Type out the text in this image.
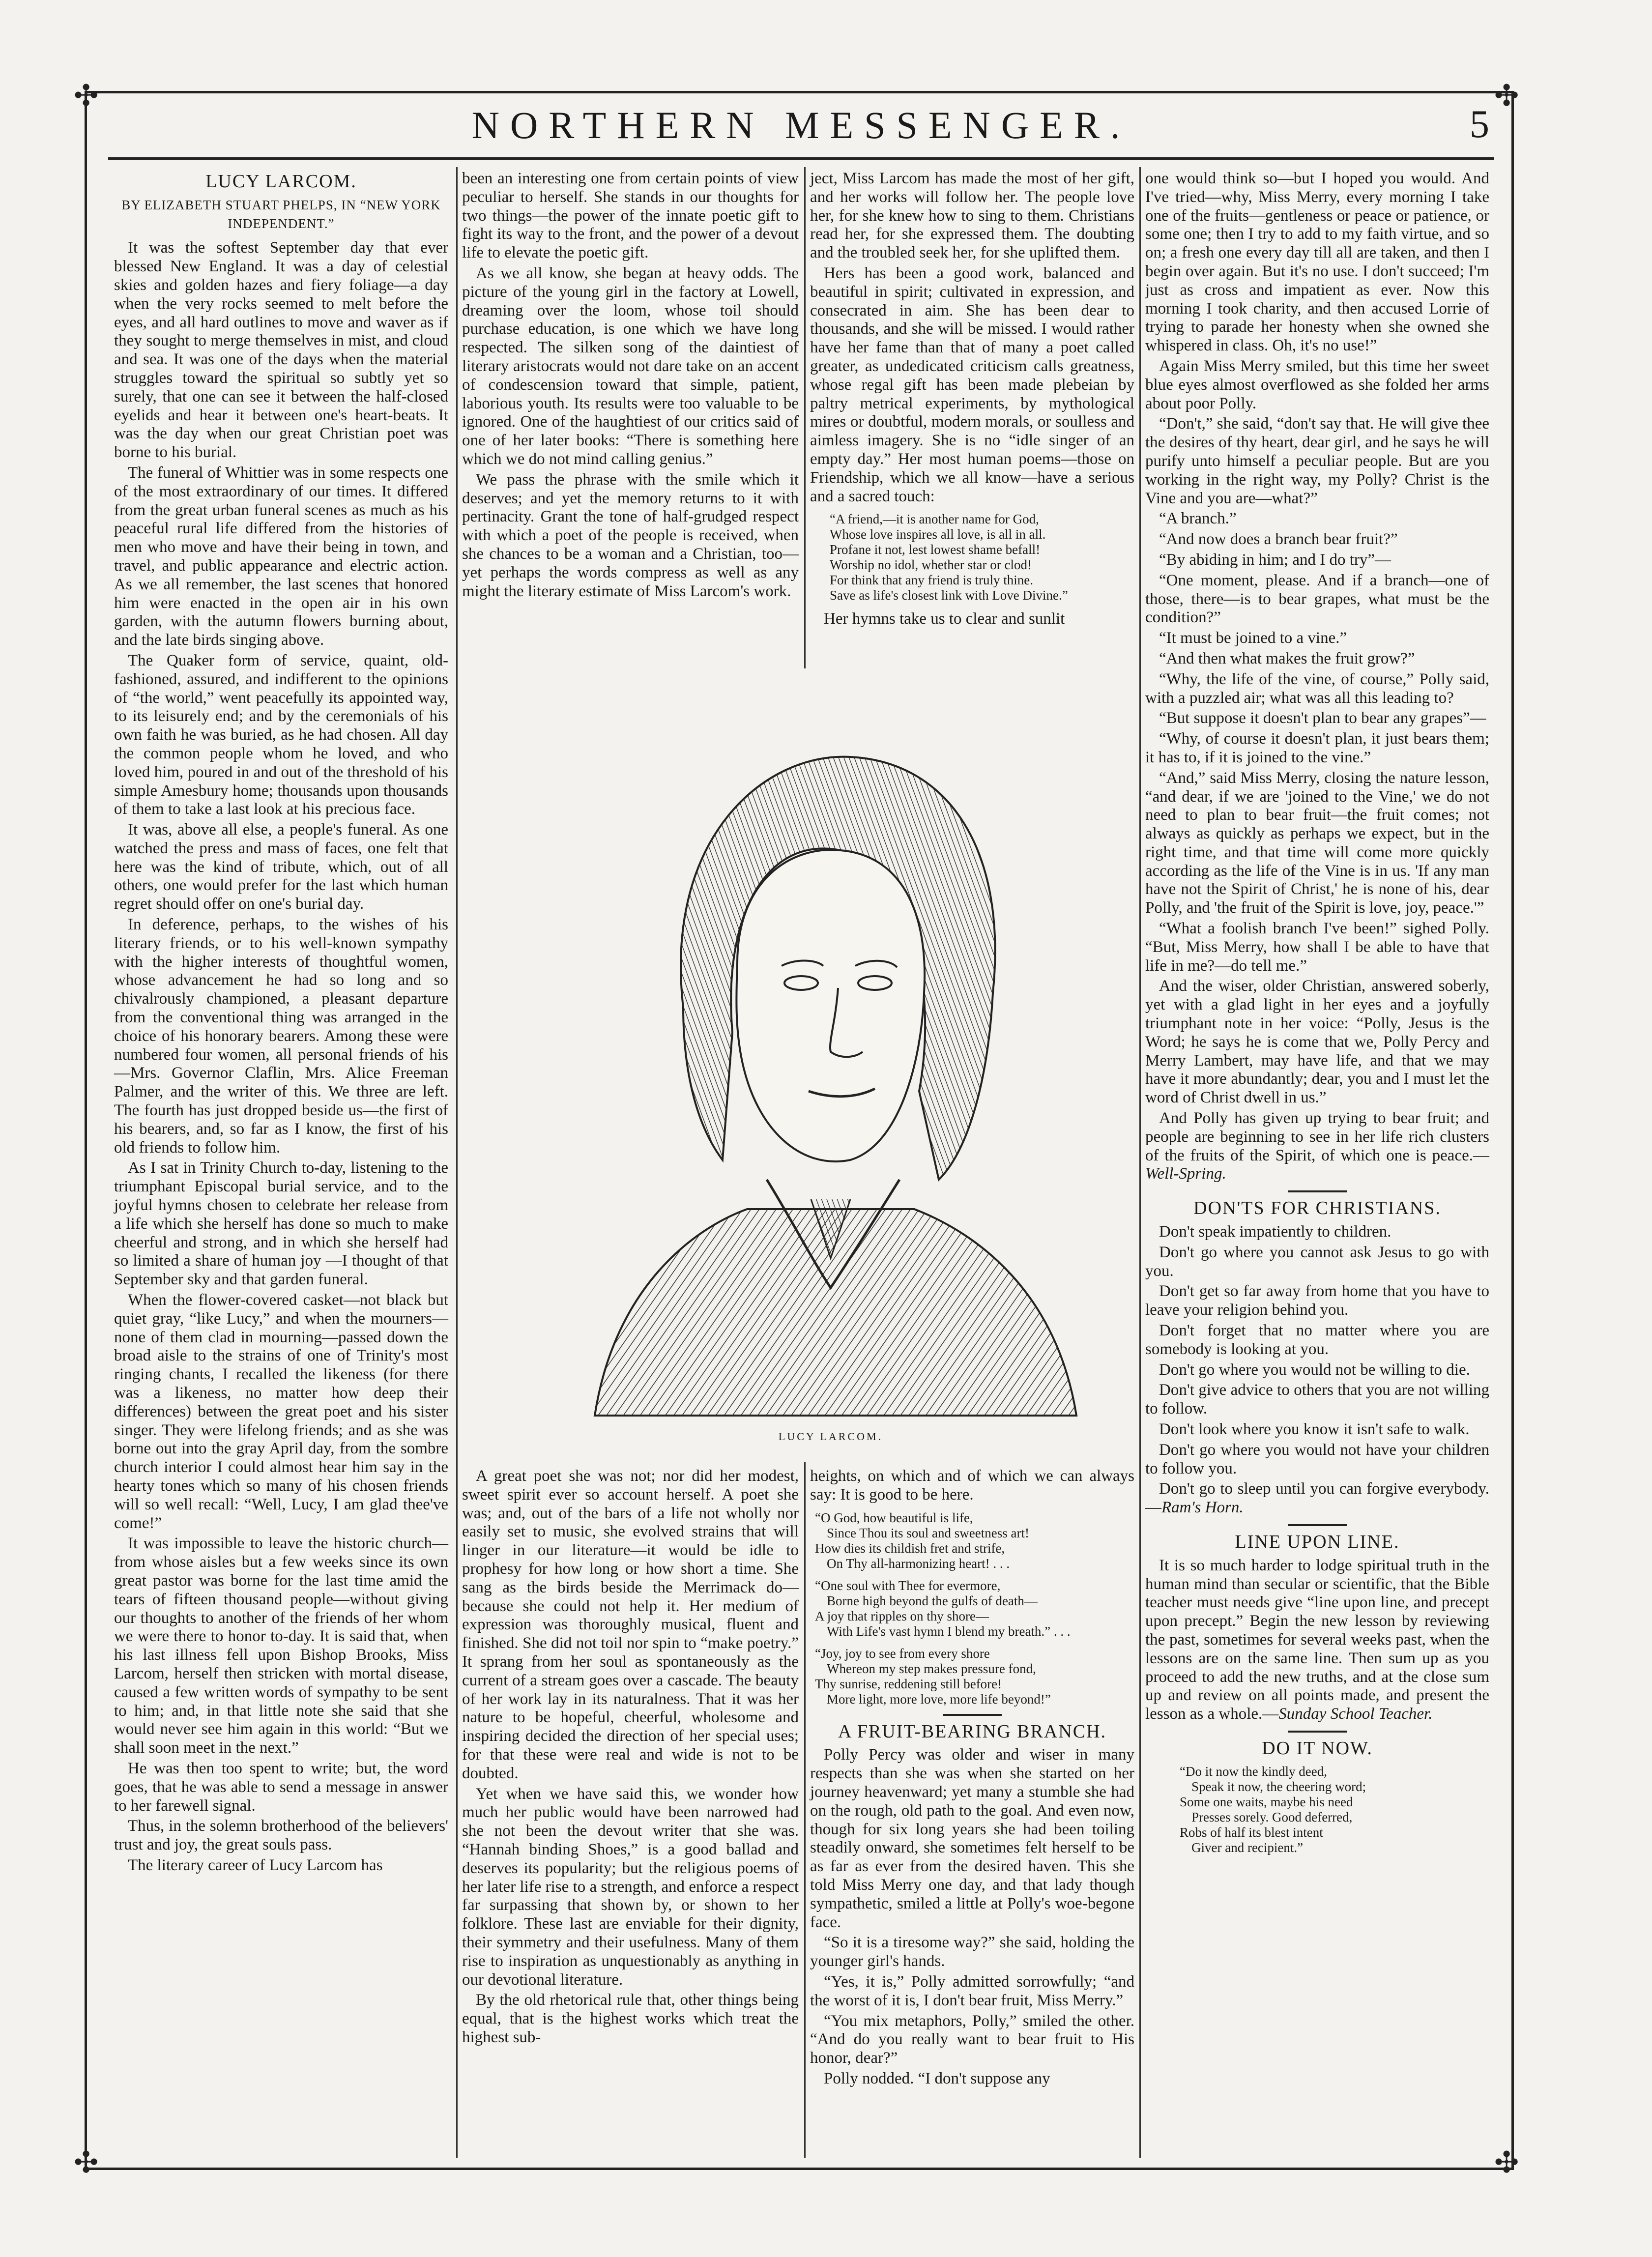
✣	✣
✣	✣
NORTHERN MESSENGER.	5
LUCY LARCOM.
BY ELIZABETH STUART PHELPS, IN “NEW YORK INDEPENDENT.”

It was the softest September day that ever blessed New England. It was a day of celestial skies and golden hazes and fiery foliage—a day when the very rocks seemed to melt before the eyes, and all hard outlines to move and waver as if they sought to merge themselves in mist, and cloud and sea. It was one of the days when the material struggles toward the spiritual so subtly yet so surely, that one can see it between the half-closed eyelids and hear it between one's heart-beats. It was the day when our great Christian poet was borne to his burial.

The funeral of Whittier was in some respects one of the most extraordinary of our times. It differed from the great urban funeral scenes as much as his peaceful rural life differed from the histories of men who move and have their being in town, and travel, and public appearance and electric action. As we all remember, the last scenes that honored him were enacted in the open air in his own garden, with the autumn flowers burning about, and the late birds singing above.

The Quaker form of service, quaint, old-fashioned, assured, and indifferent to the opinions of “the world,” went peacefully its appointed way, to its leisurely end; and by the ceremonials of his own faith he was buried, as he had chosen. All day the common people whom he loved, and who loved him, poured in and out of the threshold of his simple Amesbury home; thousands upon thousands of them to take a last look at his precious face.

It was, above all else, a people's funeral. As one watched the press and mass of faces, one felt that here was the kind of tribute, which, out of all others, one would prefer for the last which human regret should offer on one's burial day.

In deference, perhaps, to the wishes of his literary friends, or to his well-known sympathy with the higher interests of thoughtful women, whose advancement he had so long and so chivalrously championed, a pleasant departure from the conventional thing was arranged in the choice of his honorary bearers. Among these were numbered four women, all personal friends of his—Mrs. Governor Claflin, Mrs. Alice Freeman Palmer, and the writer of this. We three are left. The fourth has just dropped beside us—the first of his bearers, and, so far as I know, the first of his old friends to follow him.

As I sat in Trinity Church to-day, listening to the triumphant Episcopal burial service, and to the joyful hymns chosen to celebrate her release from a life which she herself has done so much to make cheerful and strong, and in which she herself had so limited a share of human joy —I thought of that September sky and that garden funeral.

When the flower-covered casket—not black but quiet gray, “like Lucy,” and when the mourners—none of them clad in mourning—passed down the broad aisle to the strains of one of Trinity's most ringing chants, I recalled the likeness (for there was a likeness, no matter how deep their differences) between the great poet and his sister singer. They were lifelong friends; and as she was borne out into the gray April day, from the sombre church interior I could almost hear him say in the hearty tones which so many of his chosen friends will so well recall: “Well, Lucy, I am glad thee've come!”

It was impossible to leave the historic church—from whose aisles but a few weeks since its own great pastor was borne for the last time amid the tears of fifteen thousand people—without giving our thoughts to another of the friends of her whom we were there to honor to-day. It is said that, when his last illness fell upon Bishop Brooks, Miss Larcom, herself then stricken with mortal disease, caused a few written words of sympathy to be sent to him; and, in that little note she said that she would never see him again in this world: “But we shall soon meet in the next.”

He was then too spent to write; but, the word goes, that he was able to send a message in answer to her farewell signal.

Thus, in the solemn brotherhood of the believers' trust and joy, the great souls pass.

The literary career of Lucy Larcom has

been an interesting one from certain points of view peculiar to herself. She stands in our thoughts for two things—the power of the innate poetic gift to fight its way to the front, and the power of a devout life to elevate the poetic gift.

As we all know, she began at heavy odds. The picture of the young girl in the factory at Lowell, dreaming over the loom, whose toil should purchase education, is one which we have long respected. The silken song of the daintiest of literary aristocrats would not dare take on an accent of condescension toward that simple, patient, laborious youth. Its results were too valuable to be ignored. One of the haughtiest of our critics said of one of her later books: “There is something here which we do not mind calling genius.”

We pass the phrase with the smile which it deserves; and yet the memory returns to it with pertinacity. Grant the tone of half-grudged respect with which a poet of the people is received, when she chances to be a woman and a Christian, too—yet perhaps the words compress as well as any might the literary estimate of Miss Larcom's work.

ject, Miss Larcom has made the most of her gift, and her works will follow her. The people love her, for she knew how to sing to them. Christians read her, for she expressed them. The doubting and the troubled seek her, for she uplifted them.

Hers has been a good work, balanced and beautiful in spirit; cultivated in expression, and consecrated in aim. She has been dear to thousands, and she will be missed. I would rather have her fame than that of many a poet called greater, as undedicated criticism calls greatness, whose regal gift has been made plebeian by paltry metrical experiments, by mythological mires or doubtful, modern morals, or soulless and aimless imagery. She is no “idle singer of an empty day.” Her most human poems—those on Friendship, which we all know—have a serious and a sacred touch:

“A friend,—it is another name for God,
Whose love inspires all love, is all in all.
Profane it not, lest lowest shame befall!
Worship no idol, whether star or clod!
For think that any friend is truly thine.
Save as life's closest link with Love Divine.”

Her hymns take us to clear and sunlit

LUCY LARCOM.

A great poet she was not; nor did her modest, sweet spirit ever so account herself. A poet she was; and, out of the bars of a life not wholly nor easily set to music, she evolved strains that will linger in our literature—it would be idle to prophesy for how long or how short a time. She sang as the birds beside the Merrimack do—because she could not help it. Her medium of expression was thoroughly musical, fluent and finished. She did not toil nor spin to “make poetry.” It sprang from her soul as spontaneously as the current of a stream goes over a cascade. The beauty of her work lay in its naturalness. That it was her nature to be hopeful, cheerful, wholesome and inspiring decided the direction of her special uses; for that these were real and wide is not to be doubted.

Yet when we have said this, we wonder how much her public would have been narrowed had she not been the devout writer that she was. “Hannah binding Shoes,” is a good ballad and deserves its popularity; but the religious poems of her later life rise to a strength, and enforce a respect far surpassing that shown by, or shown to her folklore. These last are enviable for their dignity, their symmetry and their usefulness. Many of them rise to inspiration as unquestionably as anything in our devotional literature.

By the old rhetorical rule that, other things being equal, that is the highest works which treat the highest sub-

heights, on which and of which we can always say: It is good to be here.

“O God, how beautiful is life,
Since Thou its soul and sweetness art!
How dies its childish fret and strife,
On Thy all-harmonizing heart! . . .
“One soul with Thee for evermore,
Borne high beyond the gulfs of death—
A joy that ripples on thy shore—
With Life's vast hymn I blend my breath.” . . .
“Joy, joy to see from every shore
Whereon my step makes pressure fond,
Thy sunrise, reddening still before!
More light, more love, more life beyond!”
A FRUIT-BEARING BRANCH.

Polly Percy was older and wiser in many respects than she was when she started on her journey heavenward; yet many a stumble she had on the rough, old path to the goal. And even now, though for six long years she had been toiling steadily onward, she sometimes felt herself to be as far as ever from the desired haven. This she told Miss Merry one day, and that lady though sympathetic, smiled a little at Polly's woe-begone face.

“So it is a tiresome way?” she said, holding the younger girl's hands.

“Yes, it is,” Polly admitted sorrowfully; “and the worst of it is, I don't bear fruit, Miss Merry.”

“You mix metaphors, Polly,” smiled the other. “And do you really want to bear fruit to His honor, dear?”

Polly nodded. “I don't suppose any

one would think so—but I hoped you would. And I've tried—why, Miss Merry, every morning I take one of the fruits—gentleness or peace or patience, or some one; then I try to add to my faith virtue, and so on; a fresh one every day till all are taken, and then I begin over again. But it's no use. I don't succeed; I'm just as cross and impatient as ever. Now this morning I took charity, and then accused Lorrie of trying to parade her honesty when she owned she whispered in class. Oh, it's no use!”

Again Miss Merry smiled, but this time her sweet blue eyes almost overflowed as she folded her arms about poor Polly.

“Don't,” she said, “don't say that. He will give thee the desires of thy heart, dear girl, and he says he will purify unto himself a peculiar people. But are you working in the right way, my Polly? Christ is the Vine and you are—what?”

“A branch.”

“And now does a branch bear fruit?”

“By abiding in him; and I do try”—

“One moment, please. And if a branch—one of those, there—is to bear grapes, what must be the condition?”

“It must be joined to a vine.”

“And then what makes the fruit grow?”

“Why, the life of the vine, of course,” Polly said, with a puzzled air; what was all this leading to?

“But suppose it doesn't plan to bear any grapes”—

“Why, of course it doesn't plan, it just bears them; it has to, if it is joined to the vine.”

“And,” said Miss Merry, closing the nature lesson, “and dear, if we are 'joined to the Vine,' we do not need to plan to bear fruit—the fruit comes; not always as quickly as perhaps we expect, but in the right time, and that time will come more quickly according as the life of the Vine is in us. 'If any man have not the Spirit of Christ,' he is none of his, dear Polly, and 'the fruit of the Spirit is love, joy, peace.'”

“What a foolish branch I've been!” sighed Polly. “But, Miss Merry, how shall I be able to have that life in me?—do tell me.”

And the wiser, older Christian, answered soberly, yet with a glad light in her eyes and a joyfully triumphant note in her voice: “Polly, Jesus is the Word; he says he is come that we, Polly Percy and Merry Lambert, may have life, and that we may have it more abundantly; dear, you and I must let the word of Christ dwell in us.”

And Polly has given up trying to bear fruit; and people are beginning to see in her life rich clusters of the fruits of the Spirit, of which one is peace.—Well-Spring.

DON'TS FOR CHRISTIANS.

Don't speak impatiently to children.

Don't go where you cannot ask Jesus to go with you.

Don't get so far away from home that you have to leave your religion behind you.

Don't forget that no matter where you are somebody is looking at you.

Don't go where you would not be willing to die.

Don't give advice to others that you are not willing to follow.

Don't look where you know it isn't safe to walk.

Don't go where you would not have your children to follow you.

Don't go to sleep until you can forgive everybody.—Ram's Horn.

LINE UPON LINE.

It is so much harder to lodge spiritual truth in the human mind than secular or scientific, that the Bible teacher must needs give “line upon line, and precept upon precept.” Begin the new lesson by reviewing the past, sometimes for several weeks past, when the lessons are on the same line. Then sum up as you proceed to add the new truths, and at the close sum up and review on all points made, and present the lesson as a whole.—Sunday School Teacher.

DO IT NOW.
“Do it now the kindly deed,
Speak it now, the cheering word;
Some one waits, maybe his need
Presses sorely. Good deferred,
Robs of half its blest intent
Giver and recipient.”
